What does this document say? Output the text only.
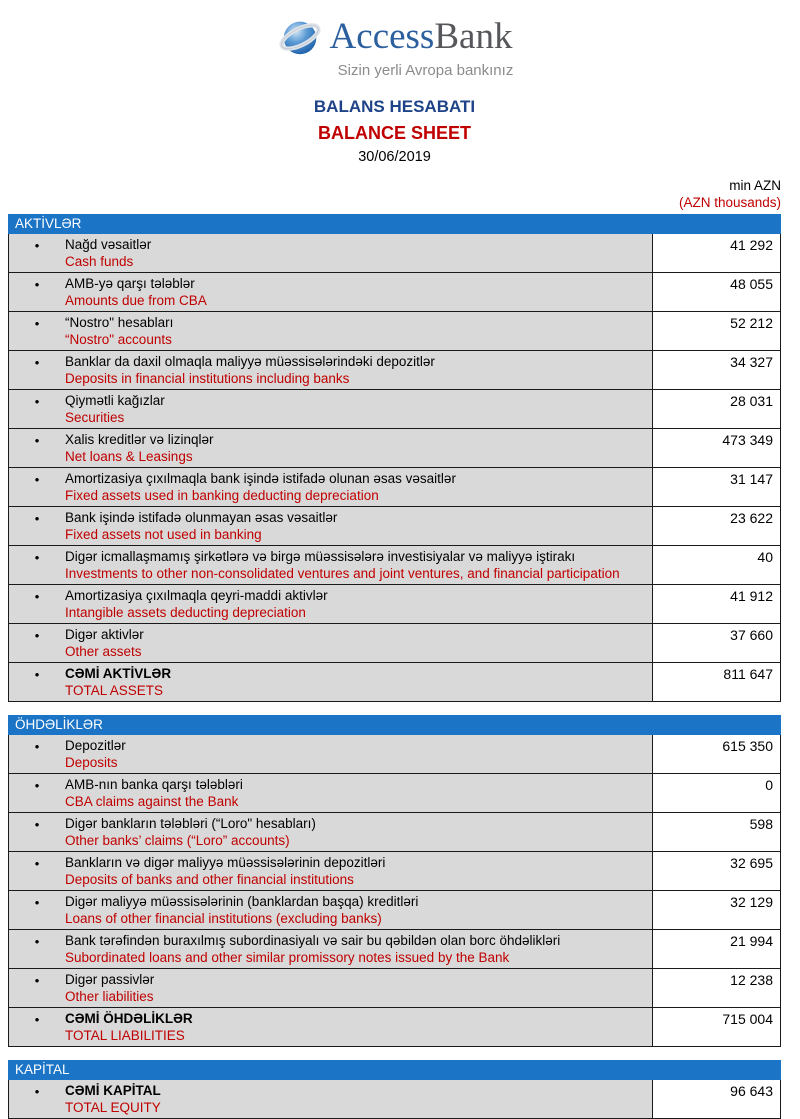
AccessBank
Sizin yerli Avropa bankınız
BALANS HESABATI
BALANCE SHEET
30/06/2019
min AZN
(AZN thousands)
AKTİVLƏR
•	Nağd vəsaitlər
Cash funds
41 292
•	AMB-yə qarşı tələblər
Amounts due from CBA
48 055
•	“Nostro" hesabları
“Nostro" accounts
52 212
•	Banklar da daxil olmaqla maliyyə müəssisələrindəki depozitlər
Deposits in financial institutions including banks
34 327
•	Qiymətli kağızlar
Securities
28 031
•	Xalis kreditlər və lizinqlər
Net loans & Leasings
473 349
•	Amortizasiya çıxılmaqla bank işində istifadə olunan əsas vəsaitlər
Fixed assets used in banking deducting depreciation
31 147
•	Bank işində istifadə olunmayan əsas vəsaitlər
Fixed assets not used in banking
23 622
•	Digər icmallaşmamış şirkətlərə və birgə müəssisələrə investisiyalar və maliyyə iştirakı
Investments to other non-consolidated ventures and joint ventures, and financial participation
40
•	Amortizasiya çıxılmaqla qeyri-maddi aktivlər
Intangible assets deducting depreciation
41 912
•	Digər aktivlər
Other assets
37 660
•	CƏMİ AKTİVLƏR
TOTAL ASSETS
811 647
ÖHDƏLİKLƏR
•	Depozitlər
Deposits
615 350
•	AMB-nın banka qarşı tələbləri
CBA claims against the Bank
0
•	Digər bankların tələbləri (“Loro" hesabları)
Other banks’ claims (“Loro” accounts)
598
•	Bankların və digər maliyyə müəssisələrinin depozitləri
Deposits of banks and other financial institutions
32 695
•	Digər maliyyə müəssisələrinin (banklardan başqa) kreditləri
Loans of other financial institutions (excluding banks)
32 129
•	Bank tərəfindən buraxılmış subordinasiyalı və sair bu qəbildən olan borc öhdəlikləri
Subordinated loans and other similar promissory notes issued by the Bank
21 994
•	Digər passivlər
Other liabilities
12 238
•	CƏMİ ÖHDƏLİKLƏR
TOTAL LIABILITIES
715 004
KAPİTAL
•	CƏMİ KAPİTAL
TOTAL EQUITY
96 643
